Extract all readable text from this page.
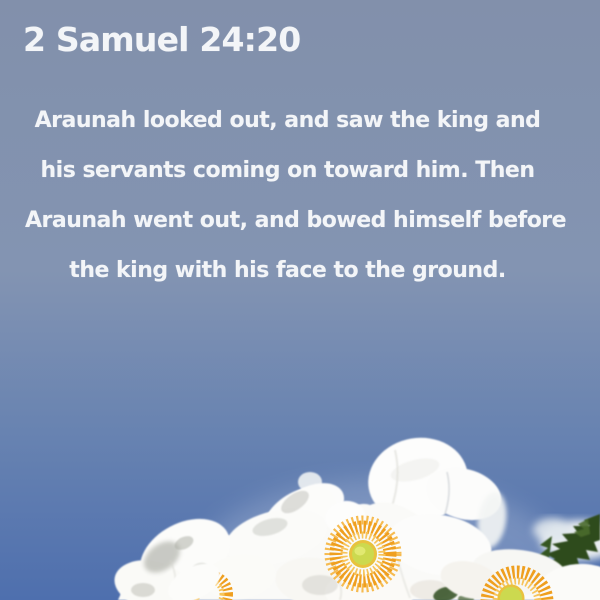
2 Samuel 24:20
Araunah looked out, and saw the king and
his servants coming on toward him. Then
Araunah went out, and bowed himself before
the king with his face to the ground.
